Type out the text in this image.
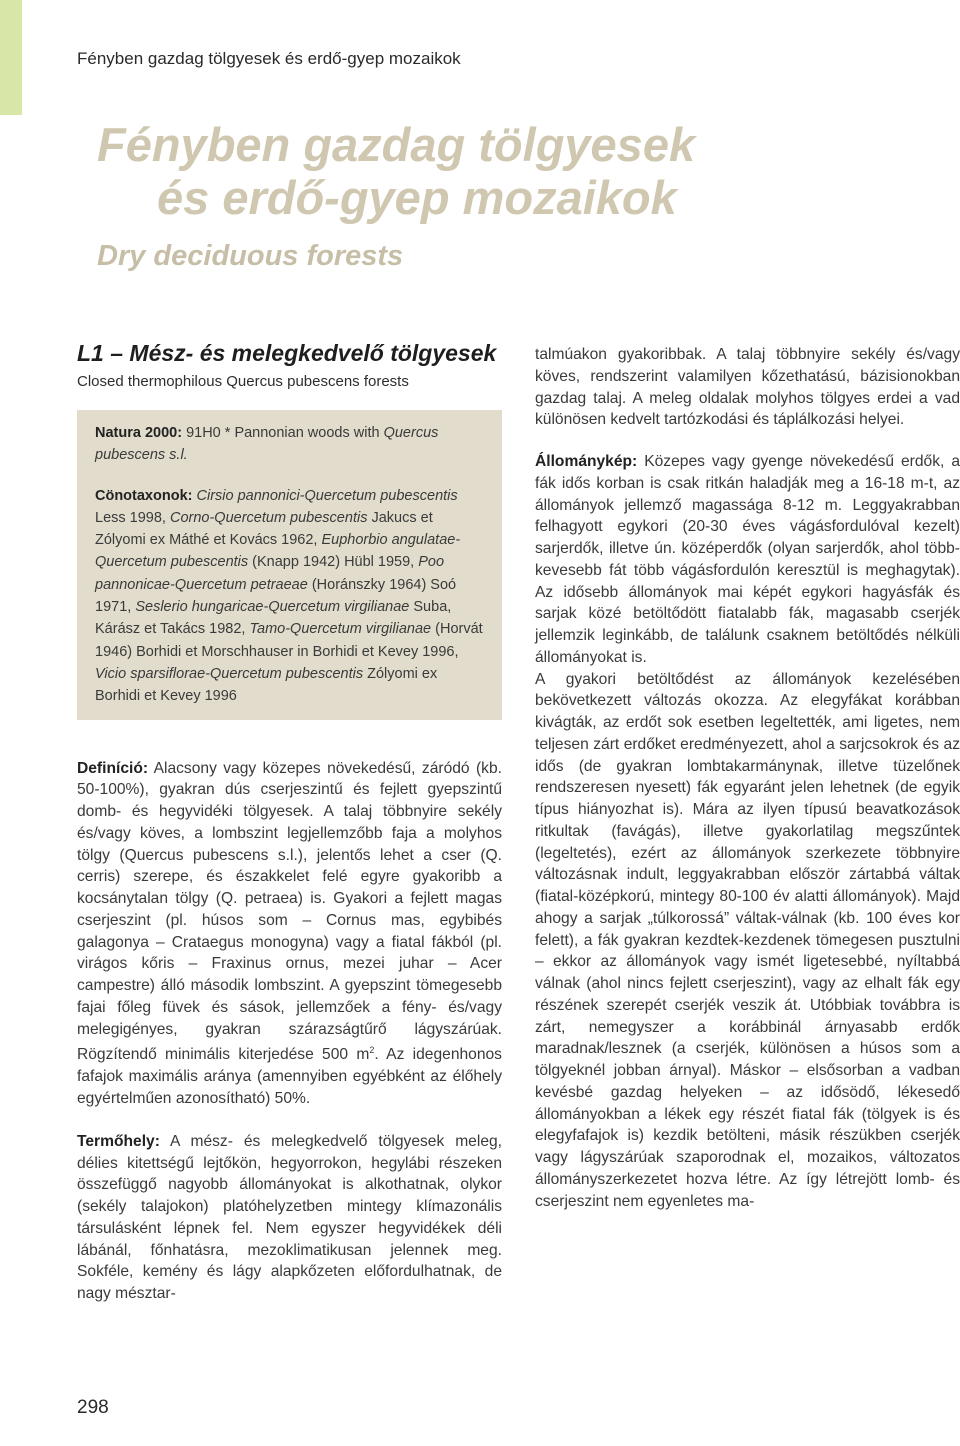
Fényben gazdag tölgyesek és erdő-gyep mozaikok
Fényben gazdag tölgyesek
és erdő-gyep mozaikok
Dry deciduous forests
L1 – Mész- és melegkedvelő tölgyesek
Closed thermophilous Quercus pubescens forests

Natura 2000: 91H0 * Pannonian woods with Quercus pubescens s.l.

Cönotaxonok: Cirsio pannonici-Quercetum pubescentis Less 1998, Corno-Quercetum pubescentis Jakucs et Zólyomi ex Máthé et Kovács 1962, Euphorbio angulatae-Quercetum pubescentis (Knapp 1942) Hübl 1959, Poo pannonicae-Quercetum petraeae (Horánszky 1964) Soó 1971, Seslerio hungaricae-Quercetum virgilianae Suba, Kárász et Takács 1982, Tamo-Quercetum virgilianae (Horvát 1946) Borhidi et Morschhauser in Borhidi et Kevey 1996, Vicio sparsiflorae-Quercetum pubescentis Zólyomi ex Borhidi et Kevey 1996

Definíció: Alacsony vagy közepes növekedésű, záródó (kb. 50-100%), gyakran dús cserjeszintű és fejlett gyepszintű domb- és hegyvidéki tölgyesek. A talaj többnyire sekély és/vagy köves, a lombszint legjellemzőbb faja a molyhos tölgy (Quercus pubescens s.l.), jelentős lehet a cser (Q. cerris) szerepe, és északkelet felé egyre gyakoribb a kocsánytalan tölgy (Q. petraea) is. Gyakori a fejlett magas cserjeszint (pl. húsos som – Cornus mas, egybibés galagonya – Crataegus monogyna) vagy a fiatal fákból (pl. virágos kőris – Fraxinus ornus, mezei juhar – Acer campestre) álló második lombszint. A gyepszint tömegesebb fajai főleg füvek és sások, jellemzőek a fény- és/vagy melegigényes, gyakran szárazságtűrő lágyszárúak. Rögzítendő minimális kiterjedése 500 $m^2$. Az idegenhonos fafajok maximális aránya (amennyiben egyébként az élőhely egyértelműen azonosítható) 50%.

Termőhely: A mész- és melegkedvelő tölgyesek meleg, délies kitettségű lejtőkön, hegyorrokon, hegylábi részeken összefüggő nagyobb állományokat is alkothatnak, olykor (sekély talajokon) platóhelyzetben mintegy klímazonális társulásként lépnek fel. Nem egyszer hegyvidékek déli lábánál, főnhatásra, mezoklimatikusan jelennek meg. Sokféle, kemény és lágy alapkőzeten előfordulhatnak, de nagy mésztar-

talmúakon gyakoribbak. A talaj többnyire sekély és/vagy köves, rendszerint valamilyen kőzethatású, bázisionokban gazdag talaj. A meleg oldalak molyhos tölgyes erdei a vad különösen kedvelt tartózkodási és táplálkozási helyei.

Állománykép: Közepes vagy gyenge növekedésű erdők, a fák idős korban is csak ritkán haladják meg a 16-18 m-t, az állományok jellemző magassága 8-12 m. Leggyakrabban felhagyott egykori (20-30 éves vágásfordulóval kezelt) sarjerdők, illetve ún. középerdők (olyan sarjerdők, ahol több-kevesebb fát több vágásfordulón keresztül is meghagytak). Az idősebb állományok mai képét egykori hagyásfák és sarjak közé betöltődött fiatalabb fák, magasabb cserjék jellemzik leginkább, de találunk csaknem betöltődés nélküli állományokat is.

A gyakori betöltődést az állományok kezelésében bekövetkezett változás okozza. Az elegyfákat korábban kivágták, az erdőt sok esetben legeltették, ami ligetes, nem teljesen zárt erdőket eredményezett, ahol a sarjcsokrok és az idős (de gyakran lombtakarmánynak, illetve tüzelőnek rendszeresen nyesett) fák egyaránt jelen lehetnek (de egyik típus hiányozhat is). Mára az ilyen típusú beavatkozások ritkultak (favágás), illetve gyakorlatilag megszűntek (legeltetés), ezért az állományok szerkezete többnyire változásnak indult, leggyakrabban először zártabbá váltak (fiatal-középkorú, mintegy 80-100 év alatti állományok). Majd ahogy a sarjak „túlkorossá” váltak-válnak (kb. 100 éves kor felett), a fák gyakran kezdtek-kezdenek tömegesen pusztulni – ekkor az állományok vagy ismét ligetesebbé, nyíltabbá válnak (ahol nincs fejlett cserjeszint), vagy az elhalt fák egy részének szerepét cserjék veszik át. Utóbbiak továbbra is zárt, nemegyszer a korábbinál árnyasabb erdők maradnak/lesznek (a cserjék, különösen a húsos som a tölgyeknél jobban árnyal). Máskor – elsősorban a vadban kevésbé gazdag helyeken – az idősödő, lékesedő állományokban a lékek egy részét fiatal fák (tölgyek is és elegyfafajok is) kezdik betölteni, másik részükben cserjék vagy lágyszárúak szaporodnak el, mozaikos, változatos állományszerkezetet hozva létre. Az így létrejött lomb- és cserjeszint nem egyenletes ma-

298
